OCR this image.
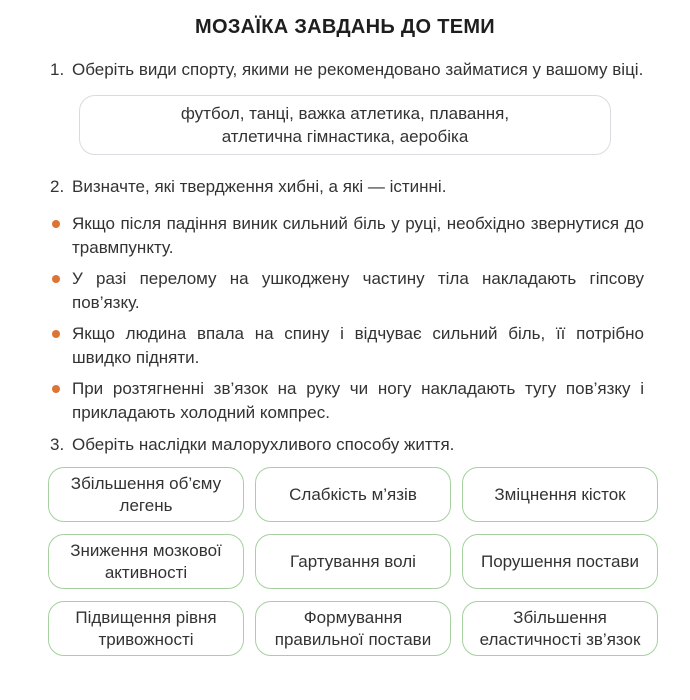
МОЗАЇКА ЗАВДАНЬ ДО ТЕМИ
1. Оберіть види спорту, якими не рекомендовано займатися у вашому віці.

футбол, танці, важка атлетика, плавання,
атлетична гімнастика, аеробіка
2. Визначте, які твердження хибні, а які — істинні.

Якщо після падіння виник сильний біль у руці, необхідно звернутися до травмпункту.

У разі перелому на ушкоджену частину тіла накладають гіпсову пов’язку.

Якщо людина впала на спину і відчуває сильний біль, її потрібно швидко підняти.

При розтягненні зв’язок на руку чи ногу накладають тугу пов’язку і прикладають холодний компрес.

3. Оберіть наслідки малорухливого способу життя.

Збільшення об’єму легень
Слабкість м’язів	Зміцнення кісток
Зниження мозкової активності
Гартування волі	Порушення постави
Підвищення рівня тривожності
Формування правильної постави
Збільшення еластичності зв’язок
